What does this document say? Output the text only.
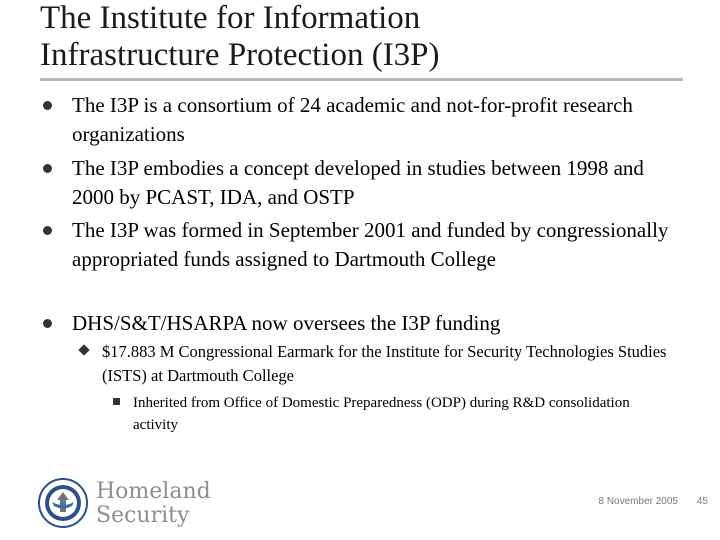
The Institute for Information
Infrastructure Protection (I3P)
The I3P is a consortium of 24 academic and not-for-profit research organizations
The I3P embodies a concept developed in studies between 1998 and 2000 by PCAST, IDA, and OSTP
The I3P was formed in September 2001 and funded by congressionally appropriated funds assigned to Dartmouth College
DHS/S&T/HSARPA now oversees the I3P funding
$17.883 M Congressional Earmark for the Institute for Security Technologies Studies (ISTS) at Dartmouth College
Inherited from Office of Domestic Preparedness (ODP) during R&D consolidation activity
Homeland
Security
8 November 2005	45
